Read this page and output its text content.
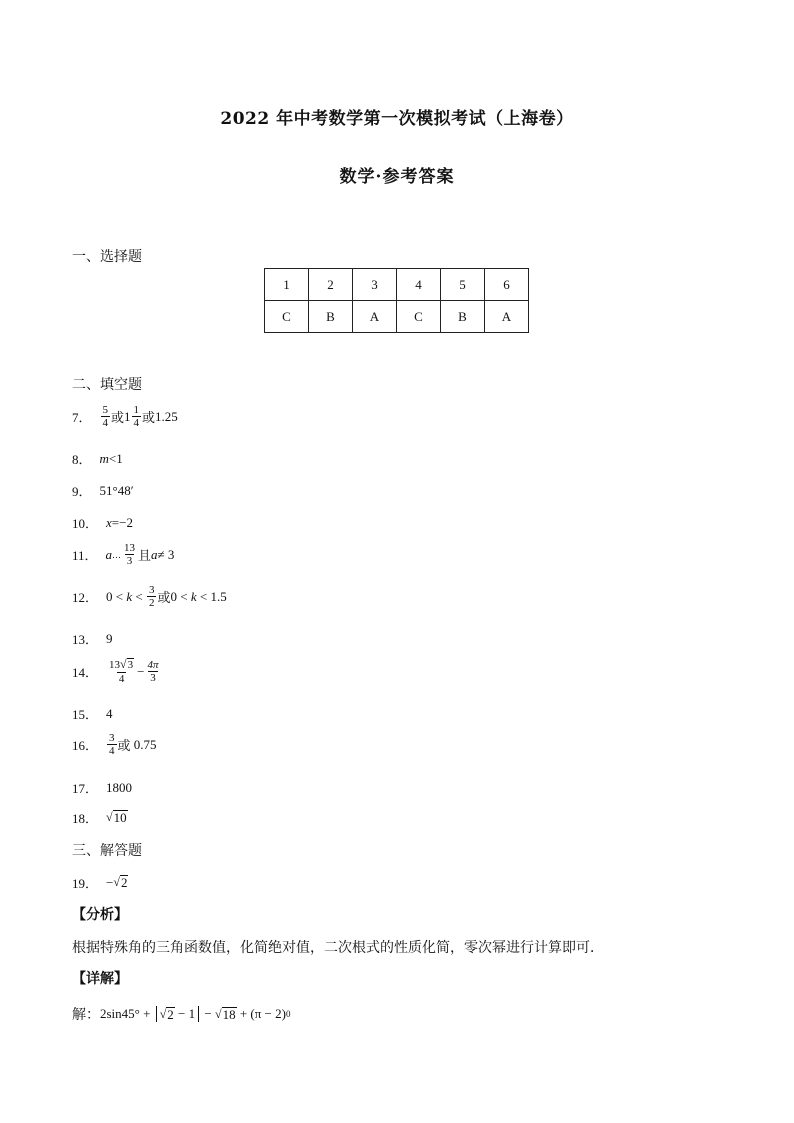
2022 年中考数学第一次模拟考试（上海卷）
数学·参考答案
一、选择题
1	2	3	4	5	6
C	B	A	C	B	A
二、填空题
7． $\frac{5}{4}$ 或 $1 \frac{1}{4}$ 或 1.25
8． m <1
9． 51°48′
10． x =−2
11． a … $\frac{13}{3}$ 且 a ≠ 3
12． $0 < k < \frac{3}{2}$ 或 0 < k < 1.5
13． 9
14． $\frac{13 √ 3}{4} - \frac{4\pi}{3}$
15． 4
16． $\frac{3}{4}$ 或 0.75
17． 1800
18． √ 10
三、解答题
19． − √ 2
【分析】
根据特殊角的三角函数值，化简绝对值，二次根式的性质化简，零次幂进行计算即可．
【详解】
解： 2sin45° + √ 2 − 1 − √ 18 + (π − 2) 0
